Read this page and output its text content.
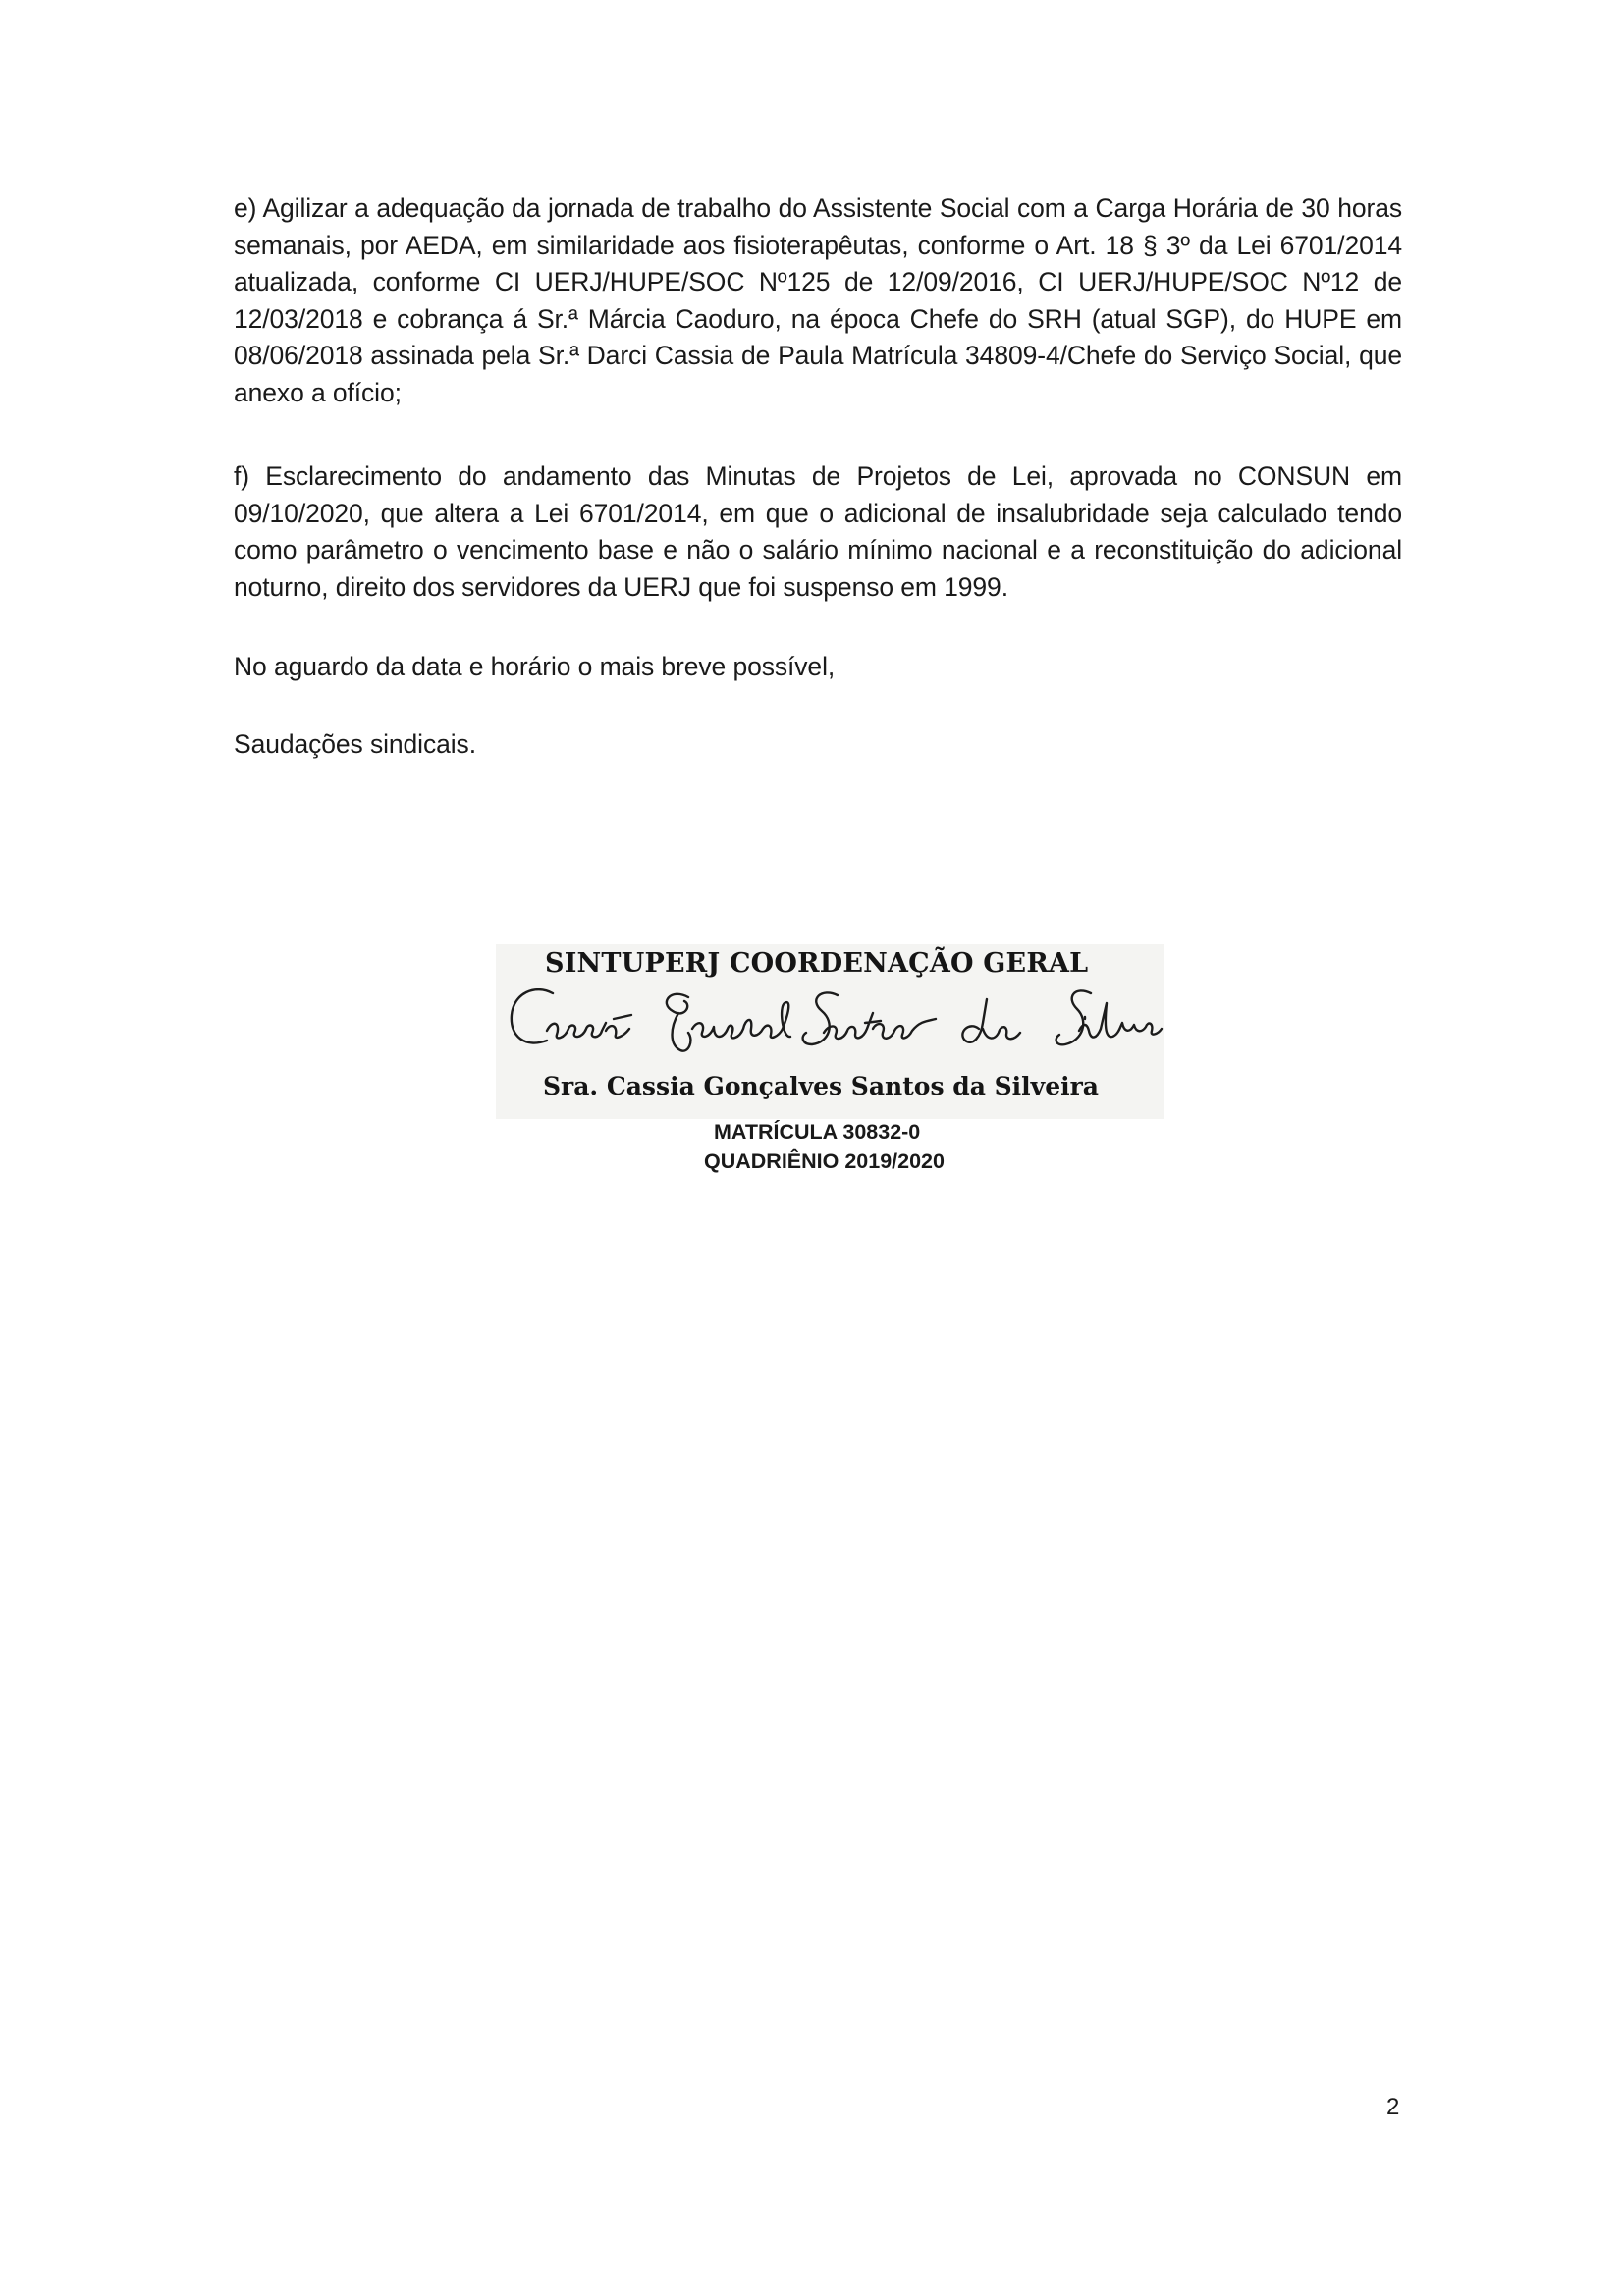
e) Agilizar a adequação da jornada de trabalho do Assistente Social com a Carga Horária de 30 horas semanais, por AEDA, em similaridade aos fisioterapêutas, conforme o Art. 18 § 3º da Lei 6701/2014 atualizada, conforme CI UERJ/HUPE/SOC Nº125 de 12/09/2016, CI UERJ/HUPE/SOC Nº12 de 12/03/2018 e cobrança á Sr.ª Márcia Caoduro, na época Chefe do SRH (atual SGP), do HUPE em 08/06/2018 assinada pela Sr.ª Darci Cassia de Paula Matrícula 34809-4/Chefe do Serviço Social, que anexo a ofício;

f) Esclarecimento do andamento das Minutas de Projetos de Lei, aprovada no CONSUN em 09/10/2020, que altera a Lei 6701/2014, em que o adicional de insalubridade seja calculado tendo como parâmetro o vencimento base e não o salário mínimo nacional e a reconstituição do adicional noturno, direito dos servidores da UERJ que foi suspenso em 1999.

No aguardo da data e horário o mais breve possível,

Saudações sindicais.

SINTUPERJ COORDENAÇÃO GERAL
Sra. Cassia Gonçalves Santos da Silveira
MATRÍCULA 30832-0
QUADRIÊNIO 2019/2020
2
